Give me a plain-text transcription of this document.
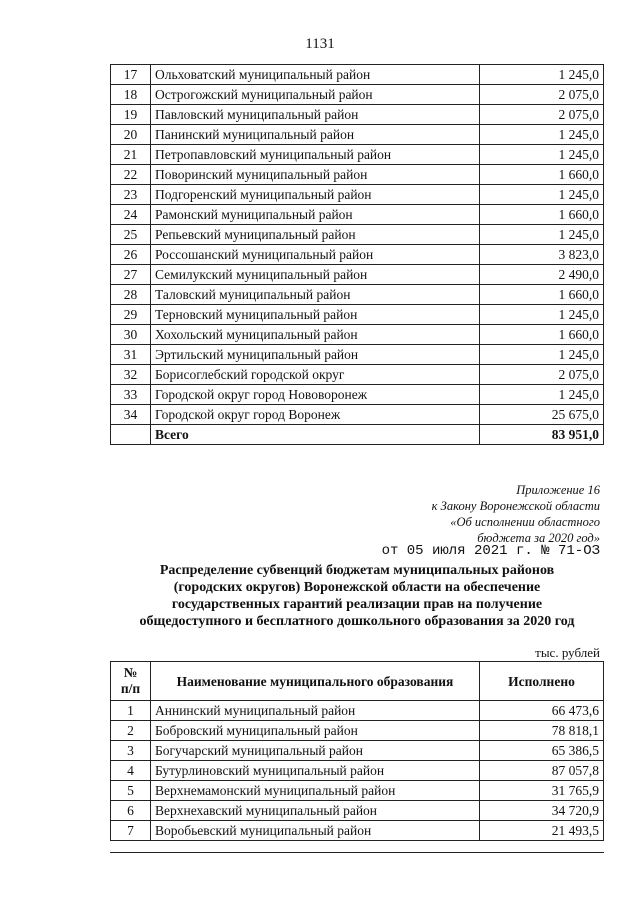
1131
17	Ольховатский муниципальный район	1 245,0
18	Острогожский муниципальный район	2 075,0
19	Павловский муниципальный район	2 075,0
20	Панинский муниципальный район	1 245,0
21	Петропавловский муниципальный район	1 245,0
22	Поворинский муниципальный район	1 660,0
23	Подгоренский муниципальный район	1 245,0
24	Рамонский муниципальный район	1 660,0
25	Репьевский муниципальный район	1 245,0
26	Россошанский муниципальный район	3 823,0
27	Семилукский муниципальный район	2 490,0
28	Таловский муниципальный район	1 660,0
29	Терновский муниципальный район	1 245,0
30	Хохольский муниципальный район	1 660,0
31	Эртильский муниципальный район	1 245,0
32	Борисоглебский городской округ	2 075,0
33	Городской округ город Нововоронеж	1 245,0
34	Городской округ город Воронеж	25 675,0
	Всего	83 951,0
Приложение 16
к Закону Воронежской области
«Об исполнении областного
бюджета за 2020 год»
от 05 июля 2021 г. № 71-ОЗ
Распределение субвенций бюджетам муниципальных районов
(городских округов) Воронежской области на обеспечение
государственных гарантий реализации прав на получение
общедоступного и бесплатного дошкольного образования за 2020 год
тыс. рублей
№
п/п	Наименование муниципального образования	Исполнено
1	Аннинский муниципальный район	66 473,6
2	Бобровский муниципальный район	78 818,1
3	Богучарский муниципальный район	65 386,5
4	Бутурлиновский муниципальный район	87 057,8
5	Верхнемамонский муниципальный район	31 765,9
6	Верхнехавский муниципальный район	34 720,9
7	Воробьевский муниципальный район	21 493,5
